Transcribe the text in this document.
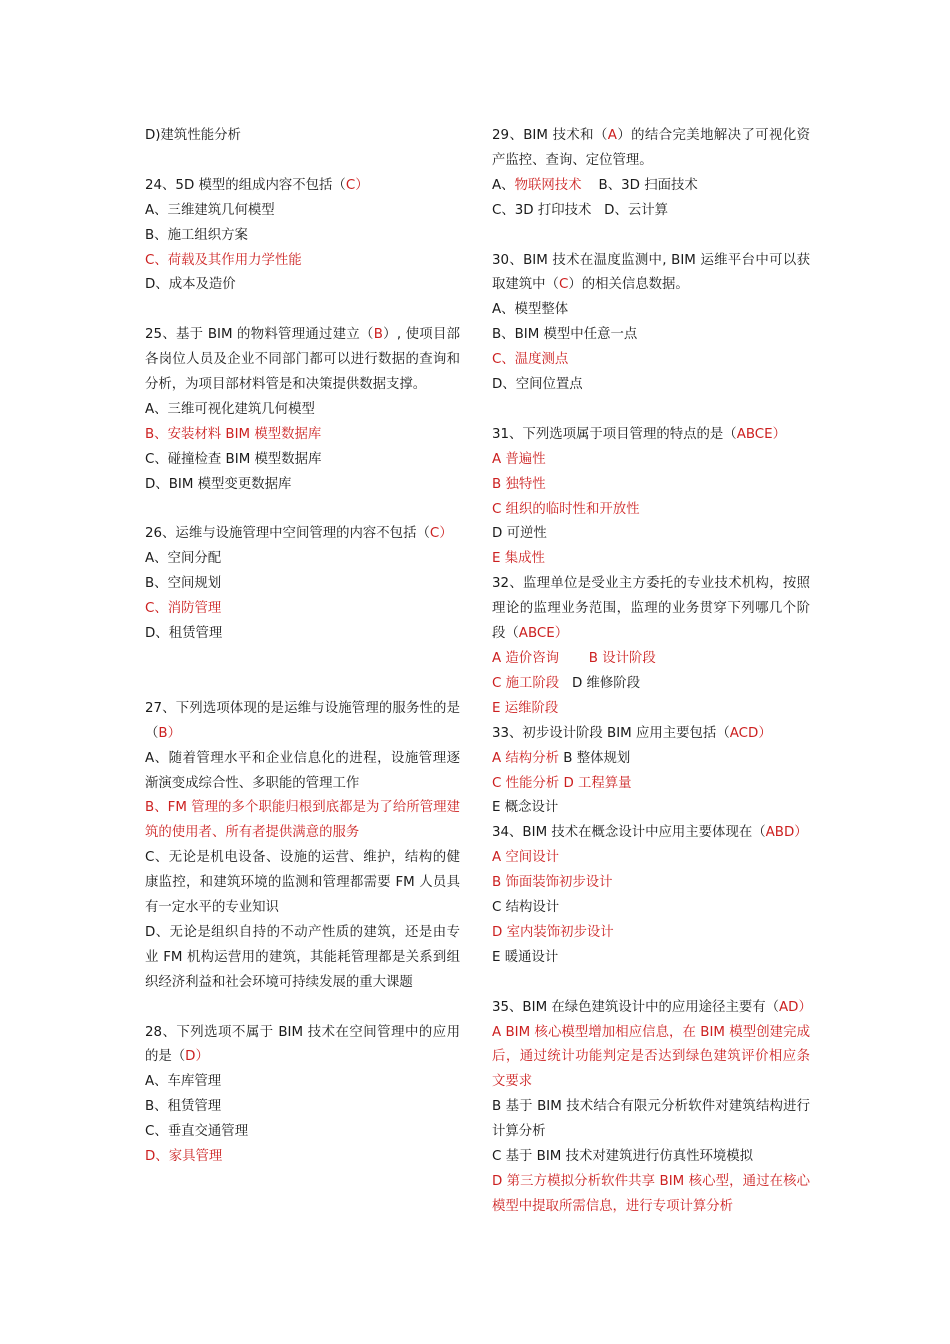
D)建筑性能分析
24、5D 模型的组成内容不包括（C）
A、三维建筑几何模型
B、施工组织方案
C、荷载及其作用力学性能
D、成本及造价
25、基于 BIM 的物料管理通过建立（B）, 使项目部各岗位人员及企业不同部门都可以进行数据的查询和分析，为项目部材料管是和决策提供数据支撑。
A、三维可视化建筑几何模型
B、安装材料 BIM 模型数据库
C、碰撞检查 BIM 模型数据库
D、BIM 模型变更数据库
26、运维与设施管理中空间管理的内容不包括（C）
A、空间分配
B、空间规划
C、消防管理
D、租赁管理
27、下列选项体现的是运维与设施管理的服务性的是（B）
A、随着管理水平和企业信息化的进程，设施管理逐渐演变成综合性、多职能的管理工作
B、FM 管理的多个职能归根到底都是为了给所管理建筑的使用者、所有者提供满意的服务
C、无论是机电设备、设施的运营、维护，结构的健康监控，和建筑环境的监测和管理都需要 FM 人员具有一定水平的专业知识
D、无论是组织自持的不动产性质的建筑，还是由专业 FM 机构运营用的建筑，其能耗管理都是关系到组织经济利益和社会环境可持续发展的重大课题
28、下列选项不属于 BIM 技术在空间管理中的应用的是（D）
A、车库管理
B、租赁管理
C、垂直交通管理
D、家具管理
29、BIM 技术和（A）的结合完美地解决了可视化资产监控、查询、定位管理。
A、物联网技术 B、3D 扫面技术
C、3D 打印技术 D、云计算
30、BIM 技术在温度监测中, BIM 运维平台中可以获取建筑中（C）的相关信息数据。
A、模型整体
B、BIM 模型中任意一点
C、温度测点
D、空间位置点
31、下列选项属于项目管理的特点的是（ABCE）
A 普遍性
B 独特性
C 组织的临时性和开放性
D 可逆性
E 集成性
32、监理单位是受业主方委托的专业技术机构，按照理论的监理业务范围，监理的业务贯穿下列哪几个阶段（ABCE）
A 造价咨询 B 设计阶段
C 施工阶段 D 维修阶段
E 运维阶段
33、初步设计阶段 BIM 应用主要包括（ACD）
A 结构分析 B 整体规划
C 性能分析 D 工程算量
E 概念设计
34、BIM 技术在概念设计中应用主要体现在（ABD）
A 空间设计
B 饰面装饰初步设计
C 结构设计
D 室内装饰初步设计
E 暖通设计
35、BIM 在绿色建筑设计中的应用途径主要有（AD）
A BIM 核心模型增加相应信息，在 BIM 模型创建完成后，通过统计功能判定是否达到绿色建筑评价相应条文要求
B 基于 BIM 技术结合有限元分析软件对建筑结构进行计算分析
C 基于 BIM 技术对建筑进行仿真性环境模拟
D 第三方模拟分析软件共享 BIM 核心型，通过在核心模型中提取所需信息，进行专项计算分析
